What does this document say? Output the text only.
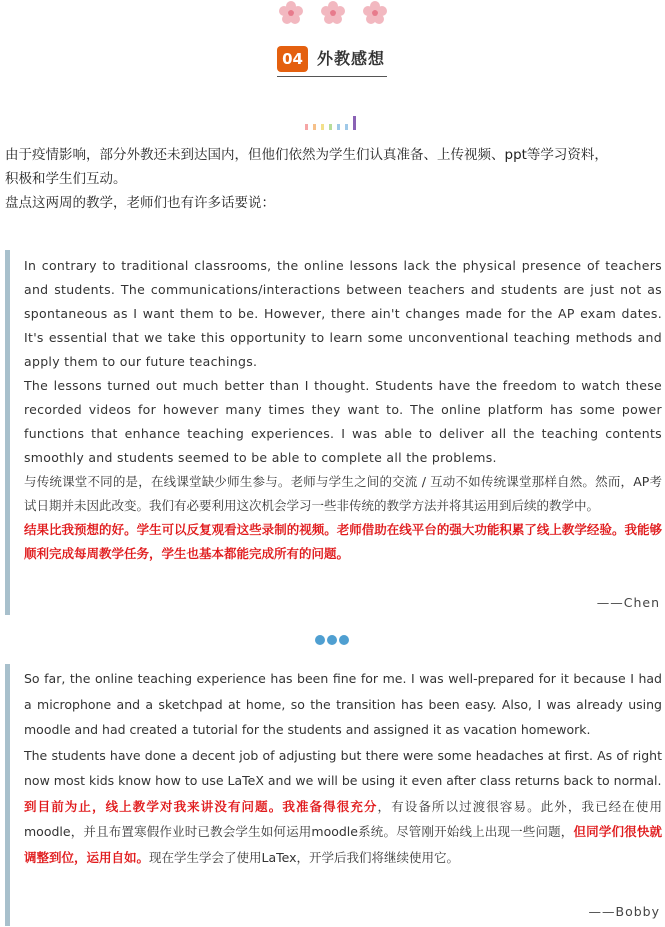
04 外教感想

由于疫情影响，部分外教还未到达国内，但他们依然为学生们认真准备、上传视频、ppt等学习资料，

积极和学生们互动。

盘点这两周的教学，老师们也有许多话要说：

In contrary to traditional classrooms, the online lessons lack the physical presence of teachers and students. The communications/interactions between teachers and students are just not as spontaneous as I want them to be. However, there ain't changes made for the AP exam dates. It's essential that we take this opportunity to learn some unconventional teaching methods and apply them to our future teachings.

The lessons turned out much better than I thought. Students have the freedom to watch these recorded videos for however many times they want to. The online platform has some power functions that enhance teaching experiences. I was able to deliver all the teaching contents smoothly and students seemed to be able to complete all the problems.

与传统课堂不同的是，在线课堂缺少师生参与。老师与学生之间的交流 / 互动不如传统课堂那样自然。然而，AP考试日期并未因此改变。我们有必要利用这次机会学习一些非传统的教学方法并将其运用到后续的教学中。

结果比我预想的好。学生可以反复观看这些录制的视频。老师借助在线平台的强大功能积累了线上教学经验。我能够顺利完成每周教学任务，学生也基本都能完成所有的问题。

——Chen

So far, the online teaching experience has been fine for me. I was well-prepared for it because I had a microphone and a sketchpad at home, so the transition has been easy. Also, I was already using moodle and had created a tutorial for the students and assigned it as vacation homework.

The students have done a decent job of adjusting but there were some headaches at first. As of right now most kids know how to use LaTeX and we will be using it even after class returns back to normal.

到目前为止，线上教学对我来讲没有问题。我准备得很充分，有设备所以过渡很容易。此外，我已经在使用moodle，并且布置寒假作业时已教会学生如何运用moodle系统。尽管刚开始线上出现一些问题，但同学们很快就调整到位，运用自如。现在学生学会了使用LaTex，开学后我们将继续使用它。

——Bobby
